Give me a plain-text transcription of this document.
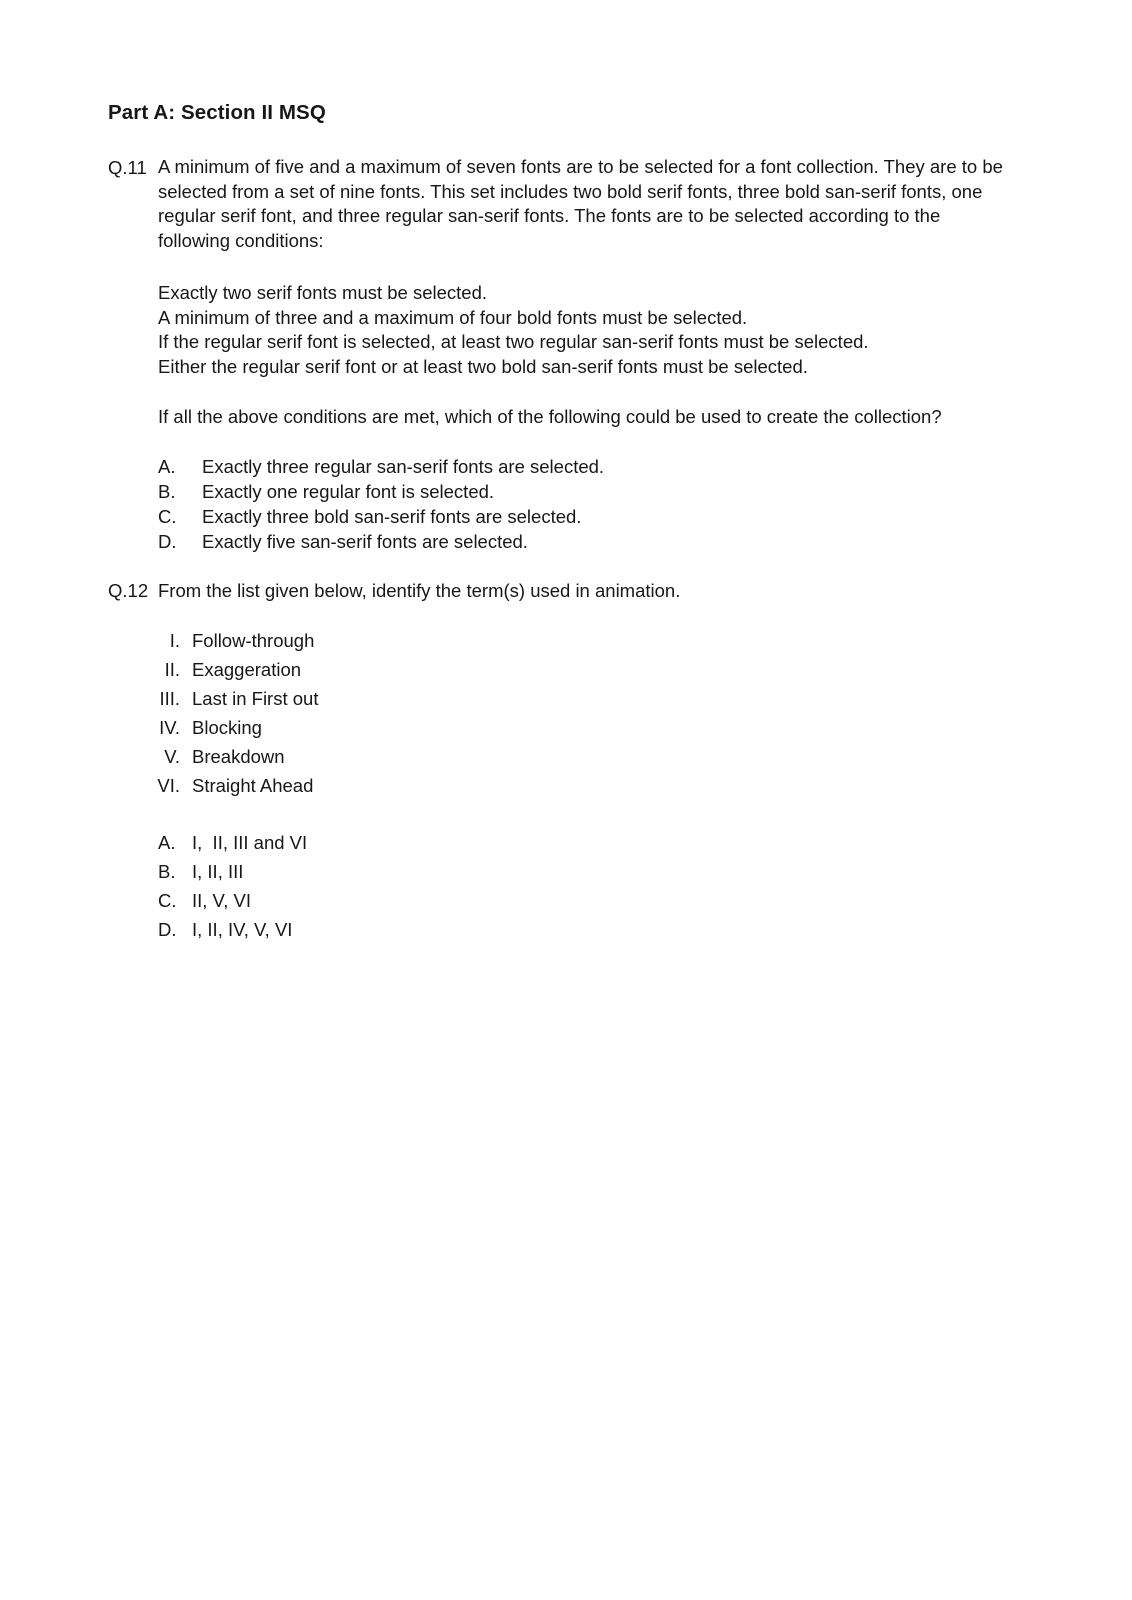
Part A: Section II MSQ
Q.11 A minimum of five and a maximum of seven fonts are to be selected for a font collection. They are to be selected from a set of nine fonts. This set includes two bold serif fonts, three bold san-serif fonts, one regular serif font, and three regular san-serif fonts. The fonts are to be selected according to the following conditions:
Exactly two serif fonts must be selected.
A minimum of three and a maximum of four bold fonts must be selected.
If the regular serif font is selected, at least two regular san-serif fonts must be selected.
Either the regular serif font or at least two bold san-serif fonts must be selected.
If all the above conditions are met, which of the following could be used to create the collection?
A. Exactly three regular san-serif fonts are selected.
B. Exactly one regular font is selected.
C. Exactly three bold san-serif fonts are selected.
D. Exactly five san-serif fonts are selected.
Q.12 From the list given below, identify the term(s) used in animation.
I. Follow-through
II. Exaggeration
III. Last in First out
IV. Blocking
V. Breakdown
VI. Straight Ahead
A. I,  II, III and VI
B. I, II, III
C. II, V, VI
D. I, II, IV, V, VI
